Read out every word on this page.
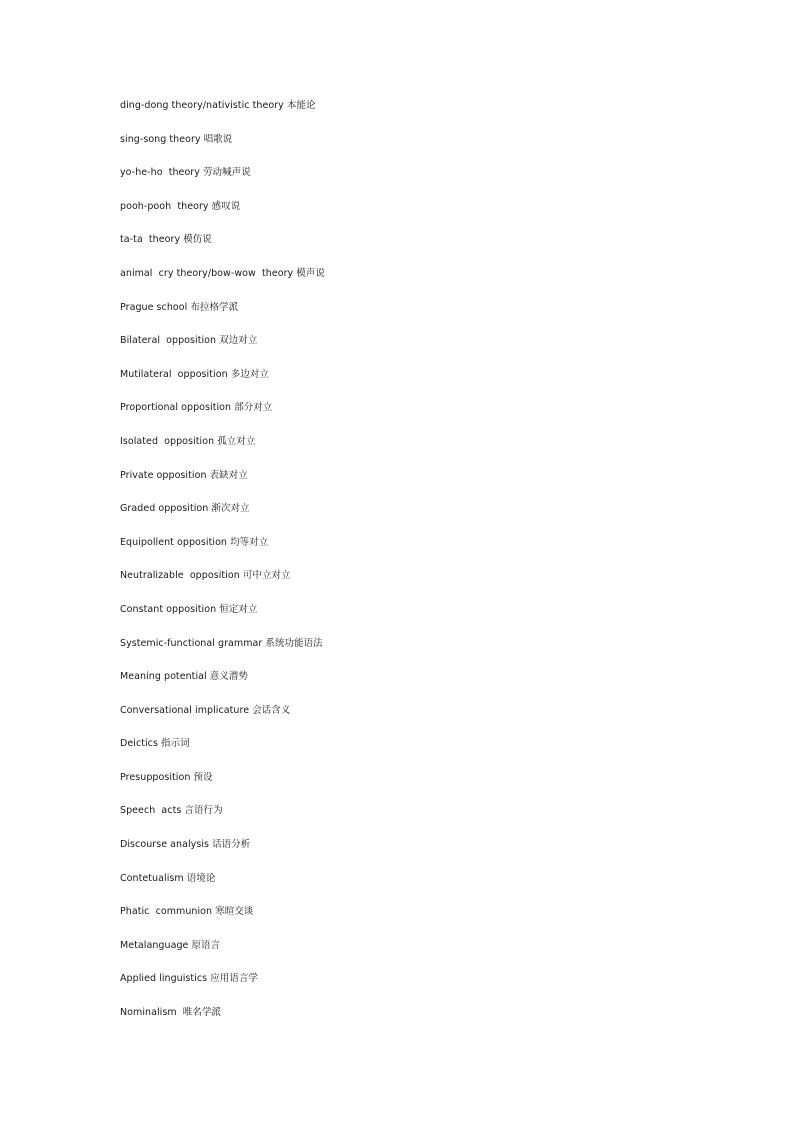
ding-dong theory/nativistic theory 本能论
sing-song theory 唱歌说
yo-he-ho  theory 劳动喊声说
pooh-pooh  theory 感叹说
ta-ta  theory 模仿说
animal  cry theory/bow-wow  theory 模声说
Prague school 布拉格学派
Bilateral  opposition 双边对立
Mutilateral  opposition 多边对立
Proportional opposition 部分对立
Isolated  opposition 孤立对立
Private opposition 表缺对立
Graded opposition 渐次对立
Equipollent opposition 均等对立
Neutralizable  opposition 可中立对立
Constant opposition 恒定对立
Systemic-functional grammar 系统功能语法
Meaning potential 意义潜势
Conversational implicature 会话含义
Deictics 指示词
Presupposition 预设
Speech  acts 言语行为
Discourse analysis 话语分析
Contetualism 语境论
Phatic  communion 寒暄交谈
Metalanguage 原语言
Applied linguistics 应用语言学
Nominalism  唯名学派
